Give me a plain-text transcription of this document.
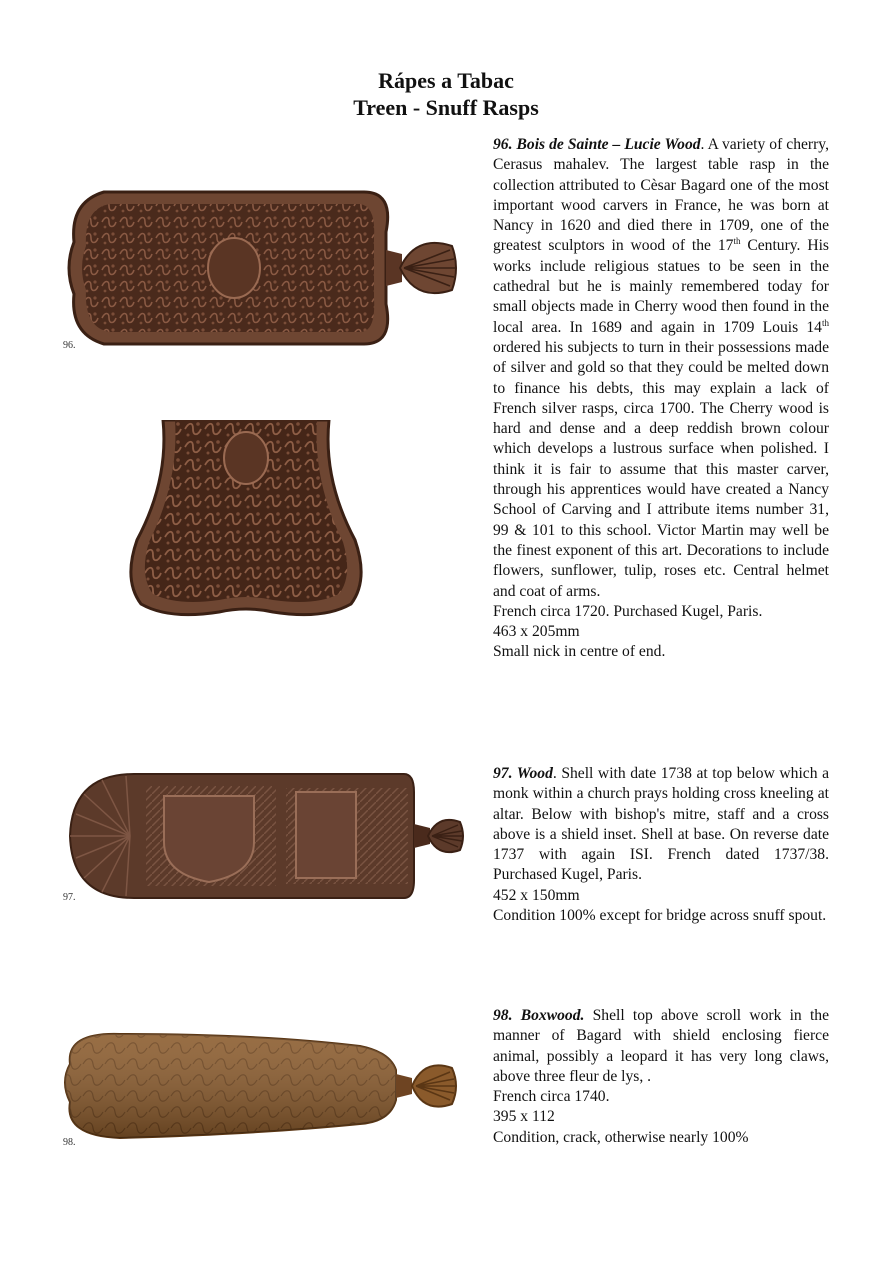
Rápes a Tabac
Treen - Snuff Rasps
96.

96. Bois de Sainte – Lucie Wood. A variety of cherry, Cerasus mahalev. The largest table rasp in the collection attributed to Cèsar Bagard one of the most important wood carvers in France, he was born at Nancy in 1620 and died there in 1709, one of the greatest sculptors in wood of the 17th Century. His works include religious statues to be seen in the cathedral but he is mainly remembered today for small objects made in Cherry wood then found in the local area. In 1689 and again in 1709 Louis 14th ordered his subjects to turn in their possessions made of silver and gold so that they could be melted down to finance his debts, this may explain a lack of French silver rasps, circa 1700. The Cherry wood is hard and dense and a deep reddish brown colour which develops a lustrous surface when polished. I think it is fair to assume that this master carver, through his apprentices would have created a Nancy School of Carving and I attribute items number 31, 99 & 101 to this school. Victor Martin may well be the finest exponent of this art. Decorations to include flowers, sunflower, tulip, roses etc. Central helmet and coat of arms.

French circa 1720. Purchased Kugel, Paris.

463 x 205mm

Small nick in centre of end.

97.

97. Wood. Shell with date 1738 at top below which a monk within a church prays holding cross kneeling at altar. Below with bishop's mitre, staff and a cross above is a shield inset. Shell at base. On reverse date 1737 with again ISI. French dated 1737/38. Purchased Kugel, Paris.

452 x 150mm

Condition 100% except for bridge across snuff spout.

98.

98. Boxwood. Shell top above scroll work in the manner of Bagard with shield enclosing fierce animal, possibly a leopard it has very long claws, above three fleur de lys, .

French circa 1740.

395 x 112

Condition, crack, otherwise nearly 100%
